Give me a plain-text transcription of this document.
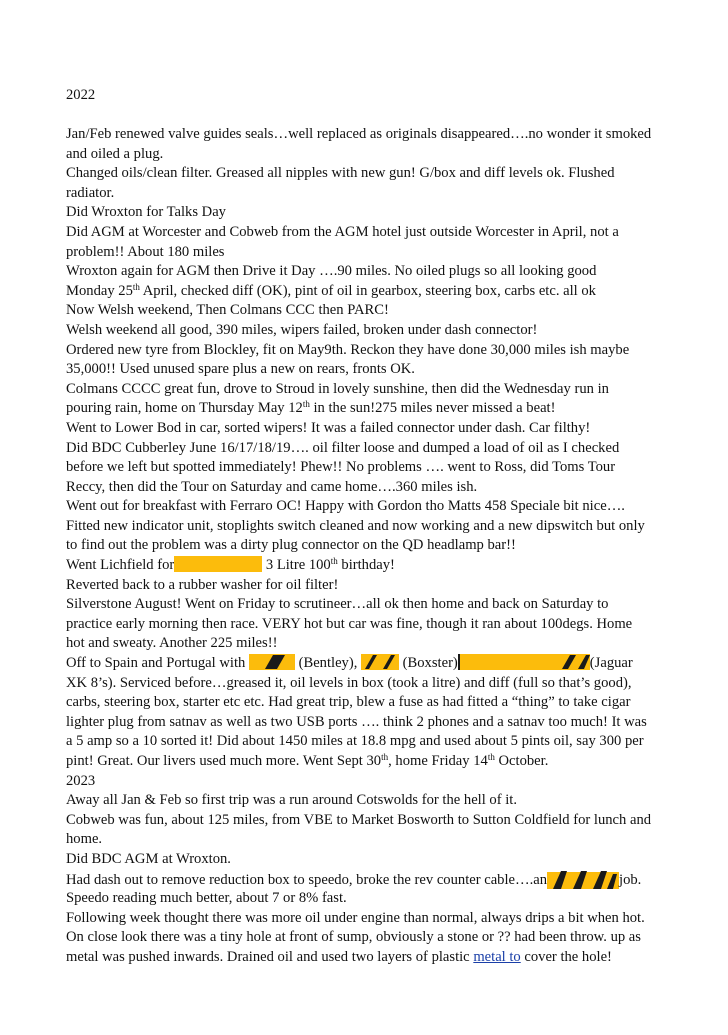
2022
Jan/Feb renewed valve guides seals…well replaced as originals disappeared….no wonder it smoked
and oiled a plug.
Changed oils/clean filter. Greased all nipples with new gun! G/box and diff levels ok. Flushed
radiator.
Did Wroxton for Talks Day
Did AGM at Worcester and Cobweb from the AGM hotel just outside Worcester in April, not a
problem!! About 180 miles
Wroxton again for AGM then Drive it Day ….90 miles. No oiled plugs so all looking good
Monday 25th April, checked diff (OK), pint of oil in gearbox, steering box, carbs etc. all ok
Now Welsh weekend, Then Colmans CCC then PARC!
Welsh weekend all good, 390 miles, wipers failed, broken under dash connector!
Ordered new tyre from Blockley, fit on May9th. Reckon they have done 30,000 miles ish maybe
35,000!! Used unused spare plus a new on rears, fronts OK.
Colmans CCCC great fun, drove to Stroud in lovely sunshine, then did the Wednesday run in
pouring rain, home on Thursday May 12th in the sun!275 miles never missed a beat!
Went to Lower Bod in car, sorted wipers! It was a failed connector under dash. Car filthy!
Did BDC Cubberley June 16/17/18/19…. oil filter loose and dumped a load of oil as I checked
before we left but spotted immediately! Phew!! No problems …. went to Ross, did Toms Tour
Reccy, then did the Tour on Saturday and came home….360 miles ish.
Went out for breakfast with Ferraro OC! Happy with Gordon tho Matts 458 Speciale bit nice….
Fitted new indicator unit, stoplights switch cleaned and now working and a new dipswitch but only
to find out the problem was a dirty plug connector on the QD headlamp bar!!
Went Lichfield for	3 Litre 100th birthday!
Reverted back to a rubber washer for oil filter!
Silverstone August! Went on Friday to scrutineer…all ok then home and back on Saturday to
practice early morning then race. VERY hot but car was fine, though it ran about 100degs. Home
hot and sweaty. Another 225 miles!!
Off to Spain and Portugal with	(Bentley),	(Boxster)	(Jaguar
XK 8’s). Serviced before…greased it, oil levels in box (took a litre) and diff (full so that’s good),
carbs, steering box, starter etc etc. Had great trip, blew a fuse as had fitted a “thing” to take cigar
lighter plug from satnav as well as two USB ports …. think 2 phones and a satnav too much! It was
a 5 amp so a 10 sorted it! Did about 1450 miles at 18.8 mpg and used about 5 pints oil, say 300 per
pint! Great. Our livers used much more. Went Sept 30th, home Friday 14th October.
2023
Away all Jan & Feb so first trip was a run around Cotswolds for the hell of it.
Cobweb was fun, about 125 miles, from VBE to Market Bosworth to Sutton Coldfield for lunch and
home.
Did BDC AGM at Wroxton.
Had dash out to remove reduction box to speedo, broke the rev counter cable….an	job.
Speedo reading much better, about 7 or 8% fast.
Following week thought there was more oil under engine than normal, always drips a bit when hot.
On close look there was a tiny hole at front of sump, obviously a stone or ?? had been throw. up as
metal was pushed inwards. Drained oil and used two layers of plastic metal to cover the hole!
